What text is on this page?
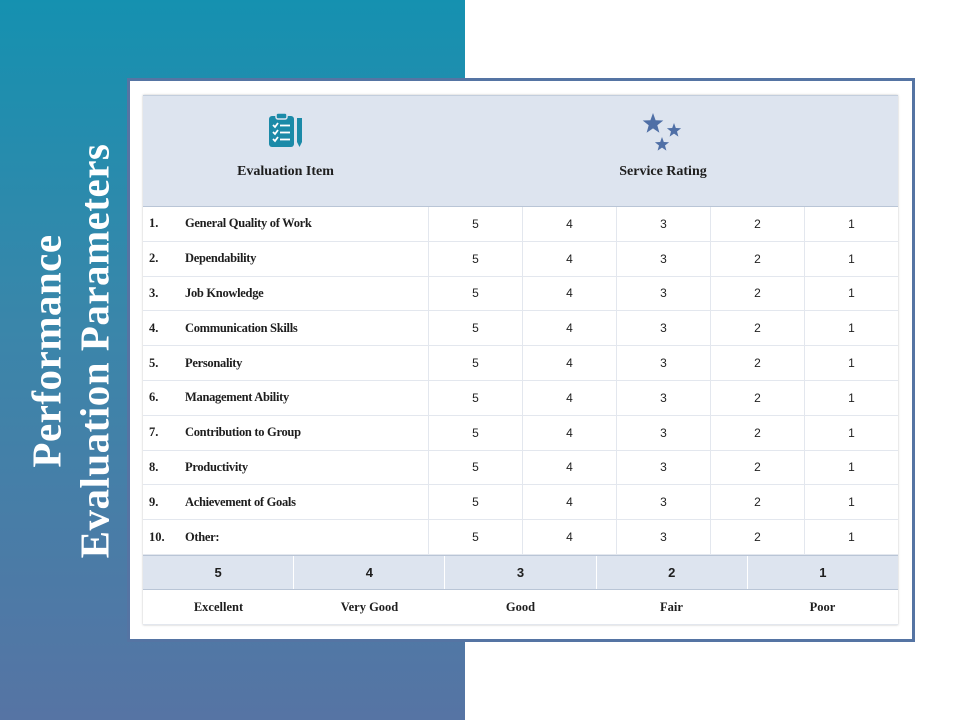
Performance Evaluation Parameters	Evaluation Item	Service Rating
1.	General Quality of Work	5	4	3	2	1
2.	Dependability	5	4	3	2	1
3.	Job Knowledge	5	4	3	2	1
4.	Communication Skills	5	4	3	2	1
5.	Personality	5	4	3	2	1
6.	Management Ability	5	4	3	2	1
7.	Contribution to Group	5	4	3	2	1
8.	Productivity	5	4	3	2	1
9.	Achievement of Goals	5	4	3	2	1
10.	Other:	5	4	3	2	1
5	4	3	2	1
Excellent	Very Good	Good	Fair	Poor
